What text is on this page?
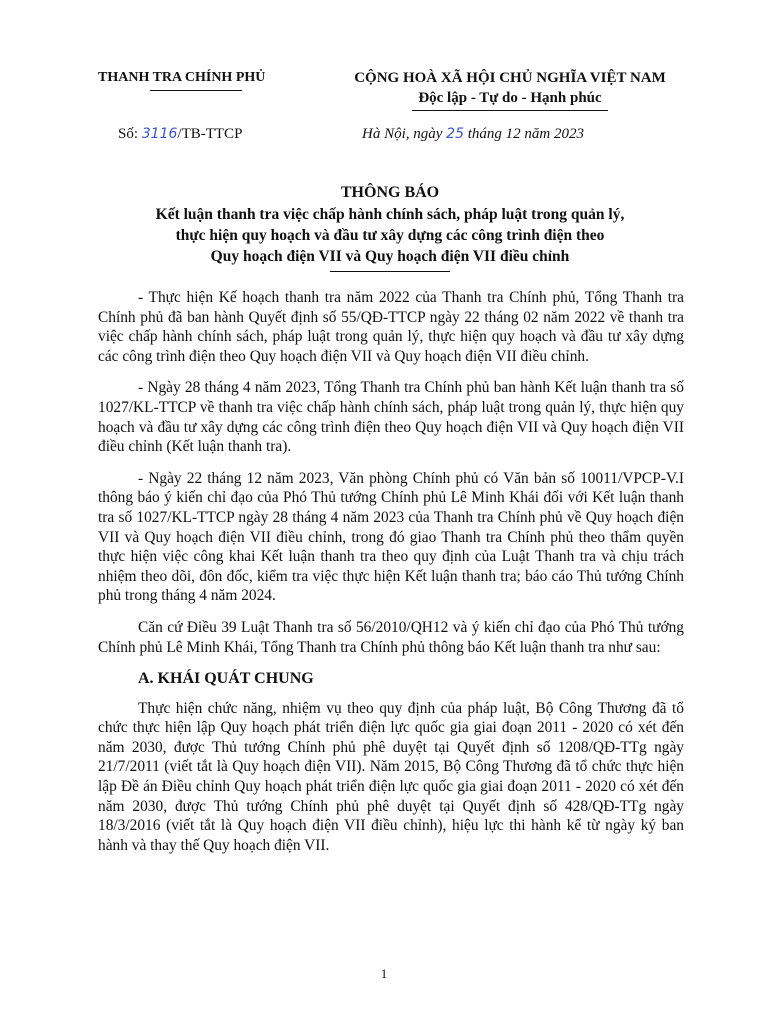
THANH TRA CHÍNH PHỦ	CỘNG HOÀ XÃ HỘI CHỦ NGHĨA VIỆT NAM
Độc lập - Tự do - Hạnh phúc
Số: 3116/TB-TTCP	Hà Nội, ngày 25 tháng 12 năm 2023
THÔNG BÁO
Kết luận thanh tra việc chấp hành chính sách, pháp luật trong quản lý,
thực hiện quy hoạch và đầu tư xây dựng các công trình điện theo
Quy hoạch điện VII và Quy hoạch điện VII điều chỉnh

- Thực hiện Kế hoạch thanh tra năm 2022 của Thanh tra Chính phủ, Tổng Thanh tra Chính phủ đã ban hành Quyết định số 55/QĐ-TTCP ngày 22 tháng 02 năm 2022 về thanh tra việc chấp hành chính sách, pháp luật trong quản lý, thực hiện quy hoạch và đầu tư xây dựng các công trình điện theo Quy hoạch điện VII và Quy hoạch điện VII điều chỉnh.

- Ngày 28 tháng 4 năm 2023, Tổng Thanh tra Chính phủ ban hành Kết luận thanh tra số 1027/KL-TTCP về thanh tra việc chấp hành chính sách, pháp luật trong quản lý, thực hiện quy hoạch và đầu tư xây dựng các công trình điện theo Quy hoạch điện VII và Quy hoạch điện VII điều chỉnh (Kết luận thanh tra).

- Ngày 22 tháng 12 năm 2023, Văn phòng Chính phủ có Văn bản số 10011/VPCP-V.I thông báo ý kiến chỉ đạo của Phó Thủ tướng Chính phủ Lê Minh Khái đối với Kết luận thanh tra số 1027/KL-TTCP ngày 28 tháng 4 năm 2023 của Thanh tra Chính phủ về Quy hoạch điện VII và Quy hoạch điện VII điều chỉnh, trong đó giao Thanh tra Chính phủ theo thẩm quyền thực hiện việc công khai Kết luận thanh tra theo quy định của Luật Thanh tra và chịu trách nhiệm theo dõi, đôn đốc, kiểm tra việc thực hiện Kết luận thanh tra; báo cáo Thủ tướng Chính phủ trong tháng 4 năm 2024.

Căn cứ Điều 39 Luật Thanh tra số 56/2010/QH12 và ý kiến chỉ đạo của Phó Thủ tướng Chính phủ Lê Minh Khái, Tổng Thanh tra Chính phủ thông báo Kết luận thanh tra như sau:

A. KHÁI QUÁT CHUNG

Thực hiện chức năng, nhiệm vụ theo quy định của pháp luật, Bộ Công Thương đã tổ chức thực hiện lập Quy hoạch phát triển điện lực quốc gia giai đoạn 2011 - 2020 có xét đến năm 2030, được Thủ tướng Chính phủ phê duyệt tại Quyết định số 1208/QĐ-TTg ngày 21/7/2011 (viết tắt là Quy hoạch điện VII). Năm 2015, Bộ Công Thương đã tổ chức thực hiện lập Đề án Điều chỉnh Quy hoạch phát triển điện lực quốc gia giai đoạn 2011 - 2020 có xét đến năm 2030, được Thủ tướng Chính phủ phê duyệt tại Quyết định số 428/QĐ-TTg ngày 18/3/2016 (viết tắt là Quy hoạch điện VII điều chỉnh), hiệu lực thi hành kể từ ngày ký ban hành và thay thế Quy hoạch điện VII.

1
